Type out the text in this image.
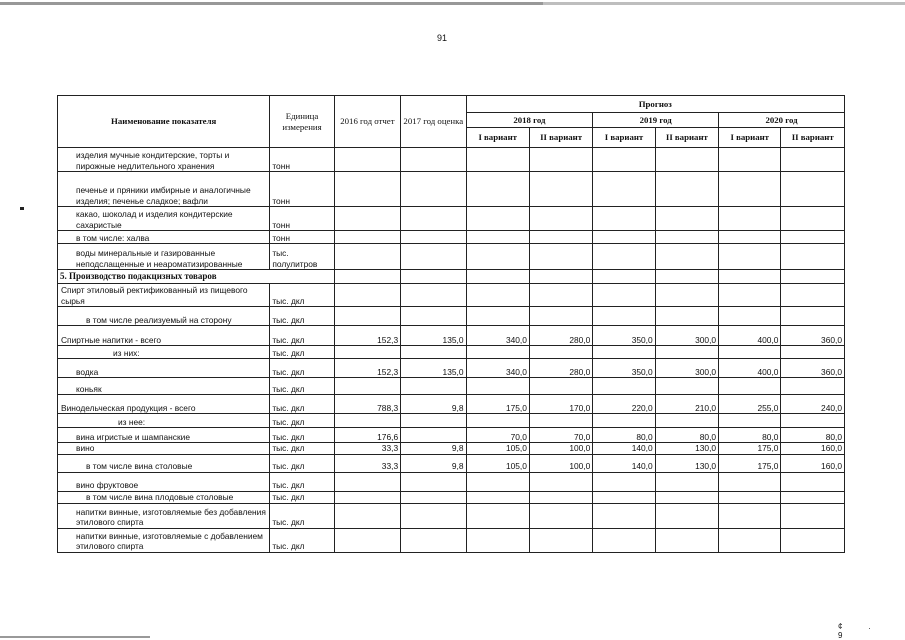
91
Наименование показателя	Единица измерения	2016 год отчет	2017 год оценка	Прогноз					
				2018 год		2019 год		2020 год	
				I вариант	II вариант	I вариант	II вариант	I вариант	II вариант
изделия мучные кондитерские, торты и пирожные недлительного хранения	тонн								
печенье и пряники имбирные и аналогичные изделия; печенье сладкое; вафли	тонн								
какао, шоколад и изделия кондитерские сахаристые	тонн								
в том числе: халва	тонн								
воды минеральные и газированные неподслащенные и неароматизированные	тыс. полулитров								
5. Производство подакцизных товаров									
Спирт этиловый ректификованный из пищевого сырья	тыс. дкл								
в том числе реализуемый на сторону	тыс. дкл								
Спиртные напитки - всего	тыс. дкл	152,3	135,0	340,0	280,0	350,0	300,0	400,0	360,0
из них:	тыс. дкл								
водка	тыс. дкл	152,3	135,0	340,0	280,0	350,0	300,0	400,0	360,0
коньяк	тыс. дкл								
Винодельческая продукция - всего	тыс. дкл	788,3	9,8	175,0	170,0	220,0	210,0	255,0	240,0
из нее:	тыс. дкл								
вина игристые и шампанские	тыс. дкл	176,6		70,0	70,0	80,0	80,0	80,0	80,0
вино	тыс. дкл	33,3	9,8	105,0	100,0	140,0	130,0	175,0	160,0
в том числе вина столовые	тыс. дкл	33,3	9,8	105,0	100,0	140,0	130,0	175,0	160,0
вино фруктовое	тыс. дкл								
в том числе вина плодовые столовые	тыс. дкл								
напитки винные, изготовляемые без добавления этилового спирта	тыс. дкл								
напитки винные, изготовляемые с добавлением этилового спирта	тыс. дкл								
¢. 9
